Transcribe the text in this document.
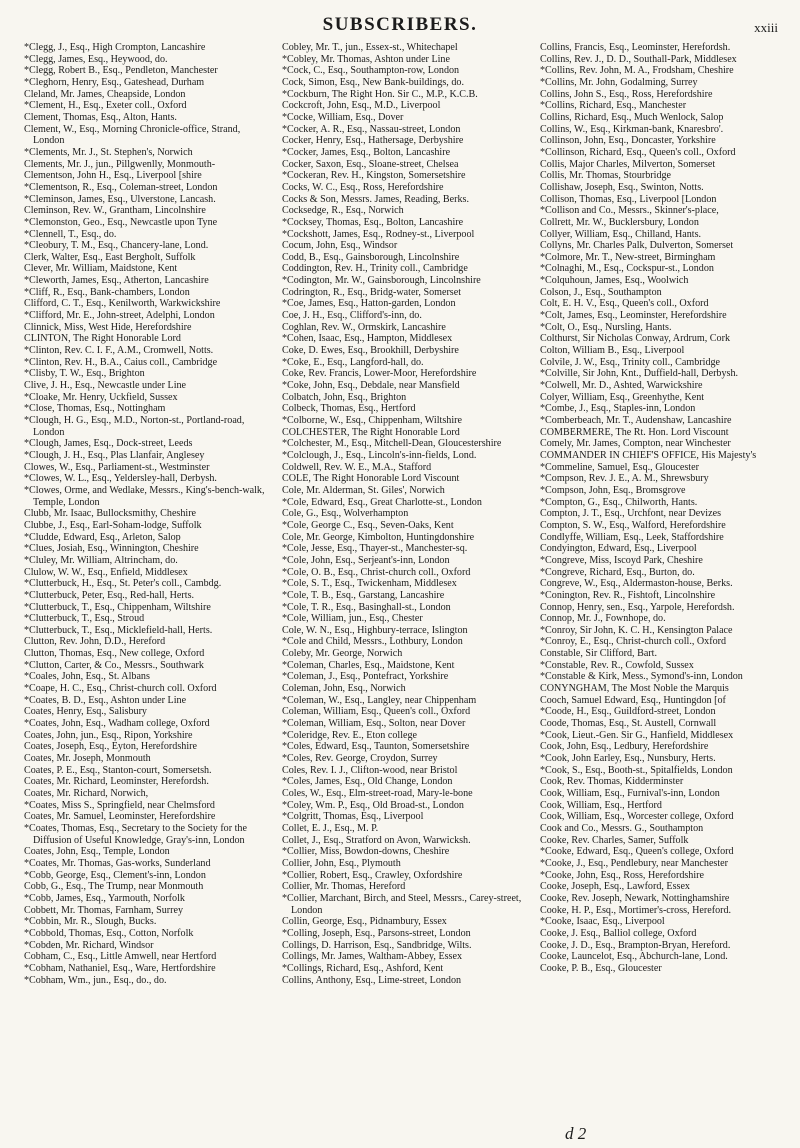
SUBSCRIBERS.	xxiii
*Clegg, J., Esq., High Crompton, Lancashire
*Clegg, James, Esq., Heywood, do.
*Clegg, Robert B., Esq., Pendleton, Manchester
*Cleghorn, Henry, Esq., Gateshead, Durham
Cleland, Mr. James, Cheapside, London
*Clement, H., Esq., Exeter coll., Oxford
Clement, Thomas, Esq., Alton, Hants.
Clement, W., Esq., Morning Chronicle-office, Strand, London
*Clements, Mr. J., St. Stephen's, Norwich
Clements, Mr. J., jun., Pillgwenlly, Monmouth-
Clementson, John H., Esq., Liverpool [shire
*Clementson, R., Esq., Coleman-street, London
*Cleminson, James, Esq., Ulverstone, Lancash.
Cleminson, Rev. W., Grantham, Lincolnshire
*Clemonston, Geo., Esq., Newcastle upon Tyne
*Clennell, T., Esq., do.
*Cleobury, T. M., Esq., Chancery-lane, Lond.
Clerk, Walter, Esq., East Bergholt, Suffolk
Clever, Mr. William, Maidstone, Kent
*Cleworth, James, Esq., Atherton, Lancashire
*Cliff, R., Esq., Bank-chambers, London
Clifford, C. T., Esq., Kenilworth, Warkwickshire
*Clifford, Mr. E., John-street, Adelphi, London
Clinnick, Miss, West Hide, Herefordshire
CLINTON, The Right Honorable Lord
*Clinton, Rev. C. I. F., A.M., Cromwell, Notts.
*Clinton, Rev. H., B.A., Caius coll., Cambridge
*Clisby, T. W., Esq., Brighton
Clive, J. H., Esq., Newcastle under Line
*Cloake, Mr. Henry, Uckfield, Sussex
*Close, Thomas, Esq., Nottingham
*Clough, H. G., Esq., M.D., Norton-st., Portland-road, London
*Clough, James, Esq., Dock-street, Leeds
*Clough, J. H., Esq., Plas Llanfair, Anglesey
Clowes, W., Esq., Parliament-st., Westminster
*Clowes, W. L., Esq., Yeldersley-hall, Derbysh.
*Clowes, Orme, and Wedlake, Messrs., King's-bench-walk, Temple, London
Clubb, Mr. Isaac, Bullocksmithy, Cheshire
Clubbe, J., Esq., Earl-Soham-lodge, Suffolk
*Cludde, Edward, Esq., Arleton, Salop
*Clues, Josiah, Esq., Winnington, Cheshire
*Cluley, Mr. William, Altrincham, do.
Clulow, W. W., Esq., Enfield, Middlesex
*Clutterbuck, H., Esq., St. Peter's coll., Cambdg.
*Clutterbuck, Peter, Esq., Red-hall, Herts.
*Clutterbuck, T., Esq., Chippenham, Wiltshire
*Clutterbuck, T., Esq., Stroud
*Clutterbuck, T., Esq., Micklefield-hall, Herts.
Clutton, Rev. John, D.D., Hereford
Clutton, Thomas, Esq., New college, Oxford
*Clutton, Carter, & Co., Messrs., Southwark
*Coales, John, Esq., St. Albans
*Coape, H. C., Esq., Christ-church coll. Oxford
*Coates, B. D., Esq., Ashton under Line
Coates, Henry, Esq., Salisbury
*Coates, John, Esq., Wadham college, Oxford
Coates, John, jun., Esq., Ripon, Yorkshire
Coates, Joseph, Esq., Eyton, Herefordshire
Coates, Mr. Joseph, Monmouth
Coates, P. E., Esq., Stanton-court, Somersetsh.
Coates, Mr. Richard, Leominster, Herefordsh.
Coates, Mr. Richard, Norwich,
*Coates, Miss S., Springfield, near Chelmsford
Coates, Mr. Samuel, Leominster, Herefordshire
*Coates, Thomas, Esq., Secretary to the Society for the Diffusion of Useful Knowledge, Gray's-inn, London
Coates, John, Esq., Temple, London
*Coates, Mr. Thomas, Gas-works, Sunderland
*Cobb, George, Esq., Clement's-inn, London
Cobb, G., Esq., The Trump, near Monmouth
*Cobb, James, Esq., Yarmouth, Norfolk
Cobbett, Mr. Thomas, Farnham, Surrey
*Cobbin, Mr. R., Slough, Bucks.
*Cobbold, Thomas, Esq., Cotton, Norfolk
*Cobden, Mr. Richard, Windsor
Cobham, C., Esq., Little Amwell, near Hertford
*Cobham, Nathaniel, Esq., Ware, Hertfordshire
*Cobham, Wm., jun., Esq., do., do.
Cobley, Mr. T., jun., Essex-st., Whitechapel
*Cobley, Mr. Thomas, Ashton under Line
*Cock, C., Esq., Southampton-row, London
Cock, Simon, Esq., New Bank-buildings, do.
*Cockburn, The Right Hon. Sir C., M.P., K.C.B.
Cockcroft, John, Esq., M.D., Liverpool
*Cocke, William, Esq., Dover
*Cocker, A. R., Esq., Nassau-street, London
Cocker, Henry, Esq., Hathersage, Derbyshire
*Cocker, James, Esq., Bolton, Lancashire
Cocker, Saxon, Esq., Sloane-street, Chelsea
*Cockeran, Rev. H., Kingston, Somersetshire
Cocks, W. C., Esq., Ross, Herefordshire
Cocks & Son, Messrs. James, Reading, Berks.
Cocksedge, R., Esq., Norwich
*Cocksey, Thomas, Esq., Bolton, Lancashire
*Cockshott, James, Esq., Rodney-st., Liverpool
Cocum, John, Esq., Windsor
Codd, B., Esq., Gainsborough, Lincolnshire
Coddington, Rev. H., Trinity coll., Cambridge
*Codington, Mr. W., Gainsborough, Lincolnshire
Codrington, R., Esq., Bridg-water, Somerset
*Coe, James, Esq., Hatton-garden, London
Coe, J. H., Esq., Clifford's-inn, do.
Coghlan, Rev. W., Ormskirk, Lancashire
*Cohen, Isaac, Esq., Hampton, Middlesex
Coke, D. Ewes, Esq., Brookhill, Derbyshire
*Coke, E., Esq., Langford-hall, do.
Coke, Rev. Francis, Lower-Moor, Herefordshire
*Coke, John, Esq., Debdale, near Mansfield
Colbatch, John, Esq., Brighton
Colbeck, Thomas, Esq., Hertford
*Colborne, W., Esq., Chippenham, Wiltshire
COLCHESTER, The Right Honorable Lord
*Colchester, M., Esq., Mitchell-Dean, Gloucestershire
*Colclough, J., Esq., Lincoln's-inn-fields, Lond.
Coldwell, Rev. W. E., M.A., Stafford
COLE, The Right Honorable Lord Viscount
Cole, Mr. Alderman, St. Giles', Norwich
*Cole, Edward, Esq., Great Charlotte-st., London
Cole, G., Esq., Wolverhampton
*Cole, George C., Esq., Seven-Oaks, Kent
Cole, Mr. George, Kimbolton, Huntingdonshire
*Cole, Jesse, Esq., Thayer-st., Manchester-sq.
*Cole, John, Esq., Serjeant's-inn, London
*Cole, O. B., Esq., Christ-church coll., Oxford
*Cole, S. T., Esq., Twickenham, Middlesex
*Cole, T. B., Esq., Garstang, Lancashire
*Cole, T. R., Esq., Basinghall-st., London
*Cole, William, jun., Esq., Chester
Cole, W. N., Esq., Highbury-terrace, Islington
*Cole and Child, Messrs., Lothbury, London
Coleby, Mr. George, Norwich
*Coleman, Charles, Esq., Maidstone, Kent
*Coleman, J., Esq., Pontefract, Yorkshire
Coleman, John, Esq., Norwich
*Coleman, W., Esq., Langley, near Chippenham
Coleman, William, Esq., Queen's coll., Oxford
*Coleman, William, Esq., Solton, near Dover
*Coleridge, Rev. E., Eton college
*Coles, Edward, Esq., Taunton, Somersetshire
*Coles, Rev. George, Croydon, Surrey
Coles, Rev. I. J., Clifton-wood, near Bristol
*Coles, James, Esq., Old Change, London
Coles, W., Esq., Elm-street-road, Mary-le-bone
*Coley, Wm. P., Esq., Old Broad-st., London
*Colgritt, Thomas, Esq., Liverpool
Collet, E. J., Esq., M. P.
Collet, J., Esq., Stratford on Avon, Warwicksh.
*Collier, Miss, Bowdon-downs, Cheshire
Collier, John, Esq., Plymouth
*Collier, Robert, Esq., Crawley, Oxfordshire
Collier, Mr. Thomas, Hereford
*Collier, Marchant, Birch, and Steel, Messrs., Carey-street, London
Collin, George, Esq., Pidnambury, Essex
*Colling, Joseph, Esq., Parsons-street, London
Collings, D. Harrison, Esq., Sandbridge, Wilts.
Collings, Mr. James, Waltham-Abbey, Essex
*Collings, Richard, Esq., Ashford, Kent
Collins, Anthony, Esq., Lime-street, London
Collins, Francis, Esq., Leominster, Herefordsh.
Collins, Rev. J., D. D., Southall-Park, Middlesex
*Collins, Rev. John, M. A., Frodsham, Cheshire
*Collins, Mr. John, Godalming, Surrey
Collins, John S., Esq., Ross, Herefordshire
*Collins, Richard, Esq., Manchester
Collins, Richard, Esq., Much Wenlock, Salop
Collins, W., Esq., Kirkman-bank, Knaresbro'.
Collinson, John, Esq., Doncaster, Yorkshire
*Collinson, Richard, Esq., Queen's coll., Oxford
Collis, Major Charles, Milverton, Somerset
Collis, Mr. Thomas, Stourbridge
Collishaw, Joseph, Esq., Swinton, Notts.
Collison, Thomas, Esq., Liverpool [London
*Collison and Co., Messrs., Skinner's-place,
Collrett, Mr. W., Bucklersbury, London
Collyer, William, Esq., Chilland, Hants.
Collyns, Mr. Charles Palk, Dulverton, Somerset
*Colmore, Mr. T., New-street, Birmingham
*Colnaghi, M., Esq., Cockspur-st., London
*Colquhoun, James, Esq., Woolwich
Colson, J., Esq., Southampton
Colt, E. H. V., Esq., Queen's coll., Oxford
*Colt, James, Esq., Leominster, Herefordshire
*Colt, O., Esq., Nursling, Hants.
Colthurst, Sir Nicholas Conway, Ardrum, Cork
Colton, William B., Esq., Liverpool
Colvile, J. W., Esq., Trinity coll., Cambridge
*Colville, Sir John, Knt., Duffield-hall, Derbysh.
*Colwell, Mr. D., Ashted, Warwickshire
Colyer, William, Esq., Greenhythe, Kent
*Combe, J., Esq., Staples-inn, London
*Comberbeach, Mr. T., Audenshaw, Lancashire
COMBERMERE, The Rt. Hon. Lord Viscount
Comely, Mr. James, Compton, near Winchester
COMMANDER IN CHIEF'S OFFICE, His Majesty's
*Commeline, Samuel, Esq., Gloucester
*Compson, Rev. J. E., A. M., Shrewsbury
*Compson, John, Esq., Bromsgrove
*Compton, G., Esq., Chilworth, Hants.
Compton, J. T., Esq., Urchfont, near Devizes
Compton, S. W., Esq., Walford, Herefordshire
Condlyffe, William, Esq., Leek, Staffordshire
Condyington, Edward, Esq., Liverpool
*Congreve, Miss, Iscoyd Park, Cheshire
*Congreve, Richard, Esq., Burton, do.
Congreve, W., Esq., Aldermaston-house, Berks.
*Conington, Rev. R., Fishtoft, Lincolnshire
Connop, Henry, sen., Esq., Yarpole, Herefordsh.
Connop, Mr. J., Fownhope, do.
*Conroy, Sir John, K. C. H., Kensington Palace
*Conroy, E., Esq., Christ-church coll., Oxford
Constable, Sir Clifford, Bart.
*Constable, Rev. R., Cowfold, Sussex
*Constable & Kirk, Mess., Symond's-inn, London
CONYNGHAM, The Most Noble the Marquis
Cooch, Samuel Edward, Esq., Huntingdon [of
*Coode, H., Esq., Guildford-street, London
Coode, Thomas, Esq., St. Austell, Cornwall
*Cook, Lieut.-Gen. Sir G., Hanfield, Middlesex
Cook, John, Esq., Ledbury, Herefordshire
*Cook, John Earley, Esq., Nunsbury, Herts.
*Cook, S., Esq., Booth-st., Spitalfields, London
Cook, Rev. Thomas, Kidderminster
Cook, William, Esq., Furnival's-inn, London
Cook, William, Esq., Hertford
Cook, William, Esq., Worcester college, Oxford
Cook and Co., Messrs. G., Southampton
Cooke, Rev. Charles, Samer, Suffolk
*Cooke, Edward, Esq., Queen's college, Oxford
*Cooke, J., Esq., Pendlebury, near Manchester
*Cooke, John, Esq., Ross, Herefordshire
Cooke, Joseph, Esq., Lawford, Essex
Cooke, Rev. Joseph, Newark, Nottinghamshire
Cooke, H. P., Esq., Mortimer's-cross, Hereford.
*Cooke, Isaac, Esq., Liverpool
Cooke, J. Esq., Balliol college, Oxford
Cooke, J. D., Esq., Brampton-Bryan, Hereford.
Cooke, Launcelot, Esq., Abchurch-lane, Lond.
Cooke, P. B., Esq., Gloucester
d 2
